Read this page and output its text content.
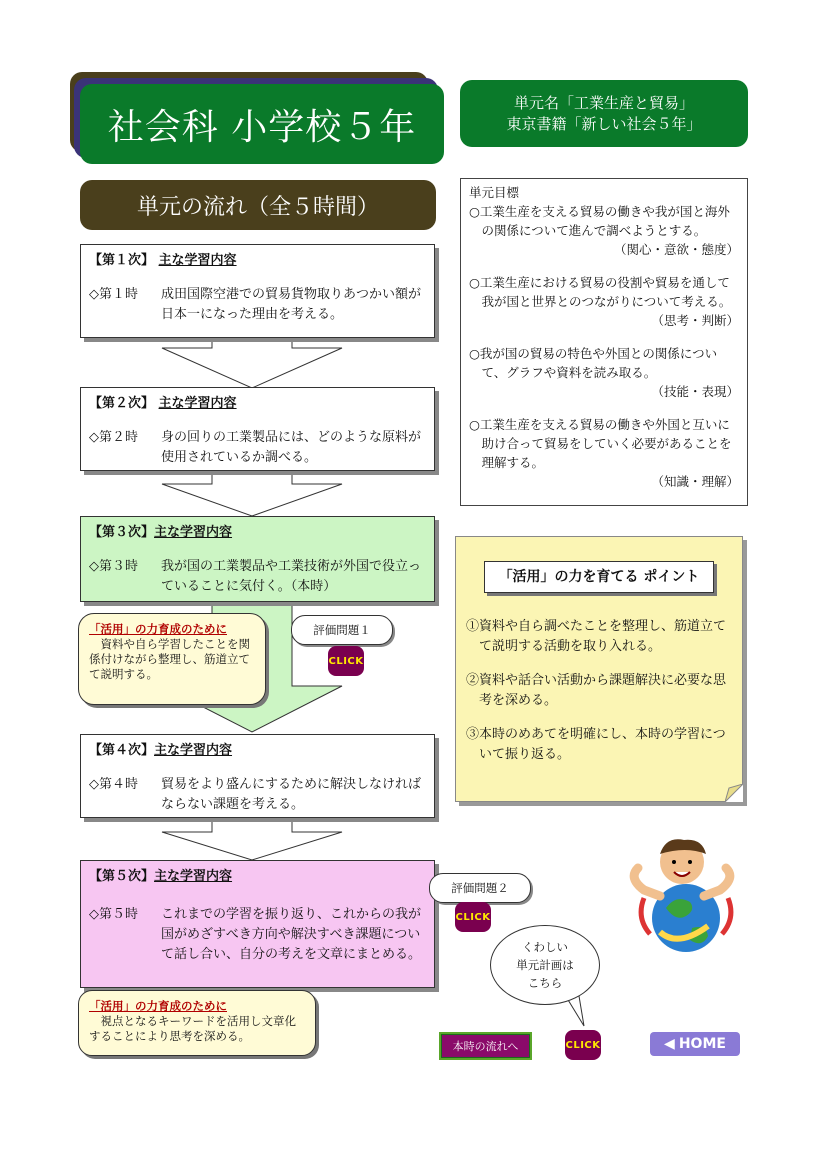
社会科 小学校５年
単元名「工業生産と貿易」
東京書籍「新しい社会５年」
単元の流れ（全５時間）
【第１次】 主な学習内容
◇第１時	成田国際空港での貿易貨物取りあつかい額が日本一になった理由を考える。
【第２次】 主な学習内容
◇第２時	身の回りの工業製品には、どのような原料が使用されているか調べる。
【第３次】主な学習内容
◇第３時	我が国の工業製品や工業技術が外国で役立っていることに気付く。（本時）
【第４次】主な学習内容
◇第４時	貿易をより盛んにするために解決しなければならない課題を考える。
【第５次】主な学習内容
◇第５時	これまでの学習を振り返り、これからの我が国がめざすべき方向や解決すべき課題について話し合い、自分の考えを文章にまとめる。
「活用」の力育成のために
資料や自ら学習したことを関係付けながら整理し、筋道立てて説明する。
「活用」の力育成のために
視点となるキーワードを活用し文章化することにより思考を深める。
評価問題１
CLICK
評価問題２
CLICK
単元目標
○工業生産を支える貿易の働きや我が国と海外の関係について進んで調べようとする。
（関心・意欲・態度）
○工業生産における貿易の役割や貿易を通して我が国と世界とのつながりについて考える。
（思考・判断）
○我が国の貿易の特色や外国との関係について、グラフや資料を読み取る。
（技能・表現）
○工業生産を支える貿易の働きや外国と互いに助け合って貿易をしていく必要があることを理解する。
（知識・理解）
「活用」の力を育てる ポイント
①資料や自ら調べたことを整理し、筋道立てて説明する活動を取り入れる。
②資料や話合い活動から課題解決に必要な思考を深める。
③本時のめあてを明確にし、本時の学習について振り返る。
くわしい
単元計画は
こちら
本時の流れへ	CLICK	◀ HOME
